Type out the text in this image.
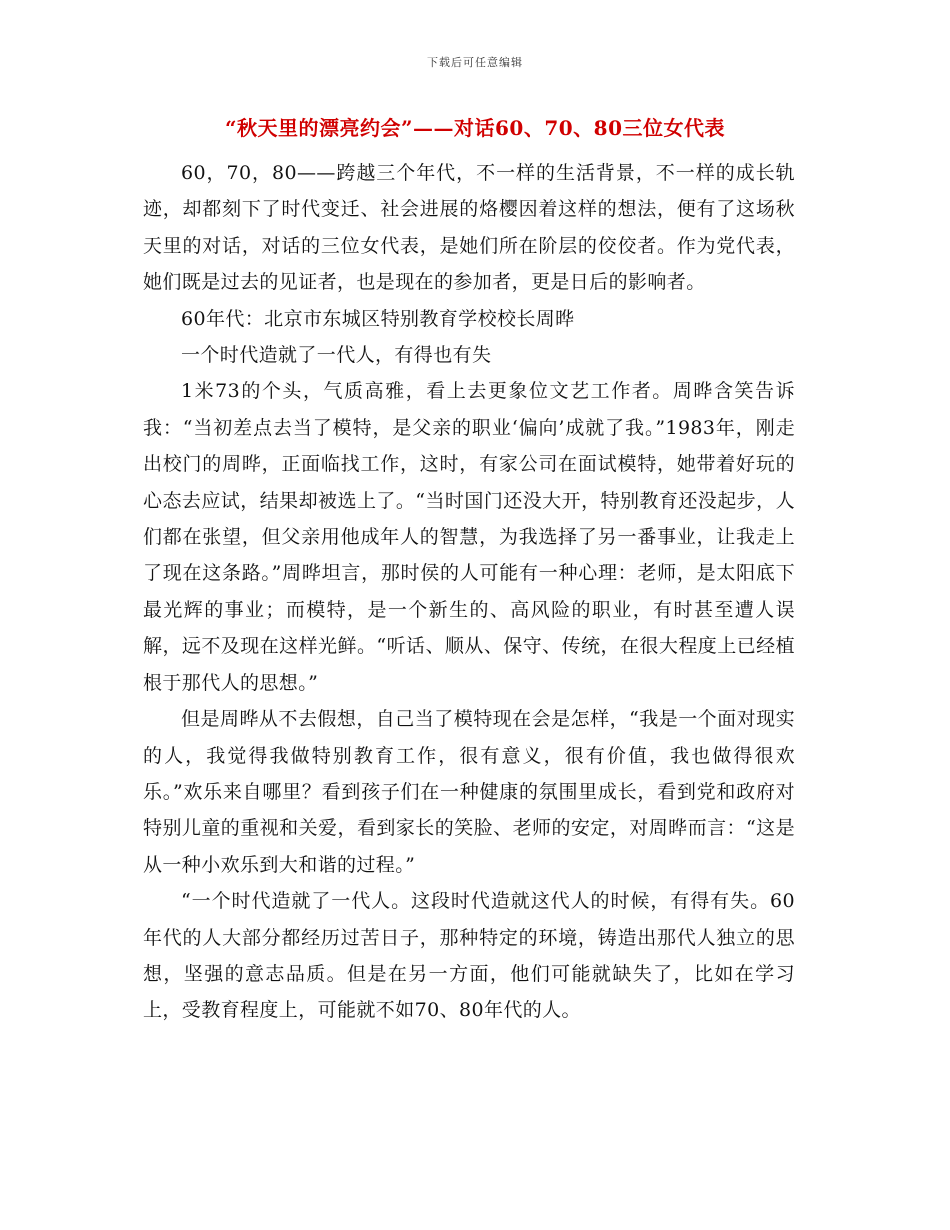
下载后可任意编辑
“秋天里的漂亮约会”——对话60、70、80三位女代表

60，70，80——跨越三个年代，不一样的生活背景，不一样的成长轨迹，却都刻下了时代变迁、社会进展的烙樱因着这样的想法，便有了这场秋天里的对话，对话的三位女代表，是她们所在阶层的佼佼者。作为党代表，她们既是过去的见证者，也是现在的参加者，更是日后的影响者。

60年代：北京市东城区特别教育学校校长周晔

一个时代造就了一代人，有得也有失

1米73的个头，气质高雅，看上去更象位文艺工作者。周晔含笑告诉我：“当初差点去当了模特，是父亲的职业‘偏向’成就了我。”1983年，刚走出校门的周晔，正面临找工作，这时，有家公司在面试模特，她带着好玩的心态去应试，结果却被选上了。“当时国门还没大开，特别教育还没起步，人们都在张望，但父亲用他成年人的智慧，为我选择了另一番事业，让我走上了现在这条路。”周晔坦言，那时侯的人可能有一种心理：老师，是太阳底下最光辉的事业；而模特，是一个新生的、高风险的职业，有时甚至遭人误解，远不及现在这样光鲜。“听话、顺从、保守、传统，在很大程度上已经植根于那代人的思想。”

但是周晔从不去假想，自己当了模特现在会是怎样，“我是一个面对现实的人，我觉得我做特别教育工作，很有意义，很有价值，我也做得很欢乐。”欢乐来自哪里？看到孩子们在一种健康的氛围里成长，看到党和政府对特别儿童的重视和关爱，看到家长的笑脸、老师的安定，对周晔而言：“这是从一种小欢乐到大和谐的过程。”

“一个时代造就了一代人。这段时代造就这代人的时候，有得有失。60年代的人大部分都经历过苦日子，那种特定的环境，铸造出那代人独立的思想，坚强的意志品质。但是在另一方面，他们可能就缺失了，比如在学习上，受教育程度上，可能就不如70、80年代的人。
